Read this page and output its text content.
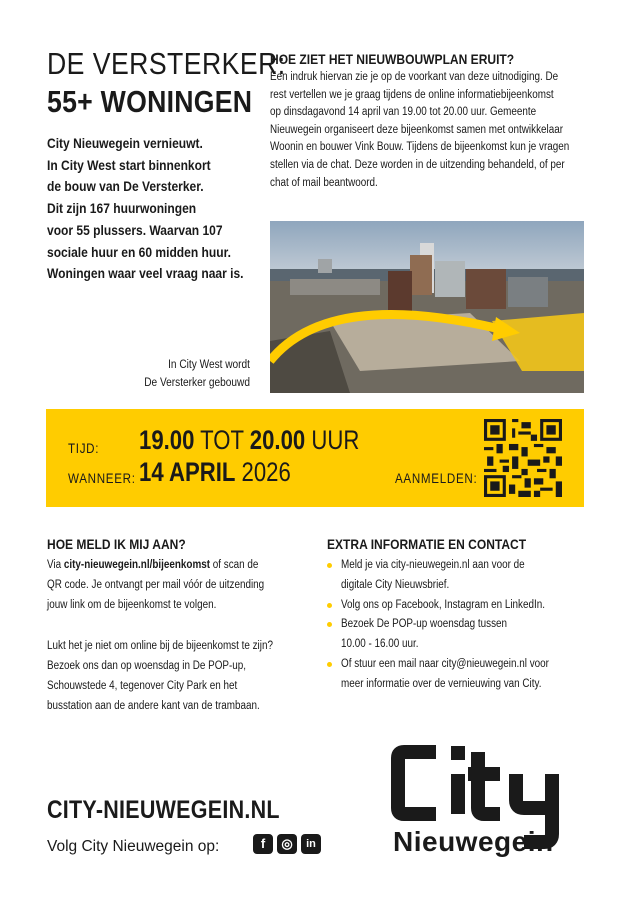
DE VERSTERKER:
55+ WONINGEN
City Nieuwegein vernieuwt.
In City West start binnenkort
de bouw van De Versterker.
Dit zijn 167 huurwoningen
voor 55 plussers. Waarvan 107
sociale huur en 60 midden huur.
Woningen waar veel vraag naar is.
In City West wordt
De Versterker gebouwd
HOE ZIET HET NIEUWBOUWPLAN ERUIT?
Een indruk hiervan zie je op de voorkant van deze uitnodiging. De
rest vertellen we je graag tijdens de online informatiebijeenkomst
op dinsdagavond 14 april van 19.00 tot 20.00 uur. Gemeente
Nieuwegein organiseert deze bijeenkomst samen met ontwikkelaar
Woonin en bouwer Vink Bouw. Tijdens de bijeenkomst kun je vragen
stellen via de chat. Deze worden in de uitzending behandeld, of per
chat of mail beantwoord.
TIJD: 19.00 TOT 20.00 UUR
WANNEER: 14 APRIL 2026	AANMELDEN:
HOE MELD IK MIJ AAN?
Via city-nieuwegein.nl/bijeenkomst of scan de
QR code. Je ontvangt per mail vóór de uitzending
jouw link om de bijeenkomst te volgen.
Lukt het je niet om online bij de bijeenkomst te zijn?
Bezoek ons dan op woensdag in De POP-up,
Schouwstede 4, tegenover City Park en het
busstation aan de andere kant van de trambaan.
EXTRA INFORMATIE EN CONTACT
Meld je via city-nieuwegein.nl aan voor de
digitale City Nieuwsbrief.
Volg ons op Facebook, Instagram en LinkedIn.
Bezoek De POP-up woensdag tussen
10.00 - 16.00 uur.
Of stuur een mail naar city@nieuwegein.nl voor
meer informatie over de vernieuwing van City.
CITY-NIEUWEGEIN.NL
Volg City Nieuwegein op:	f	◎	in	Nieuwegein
